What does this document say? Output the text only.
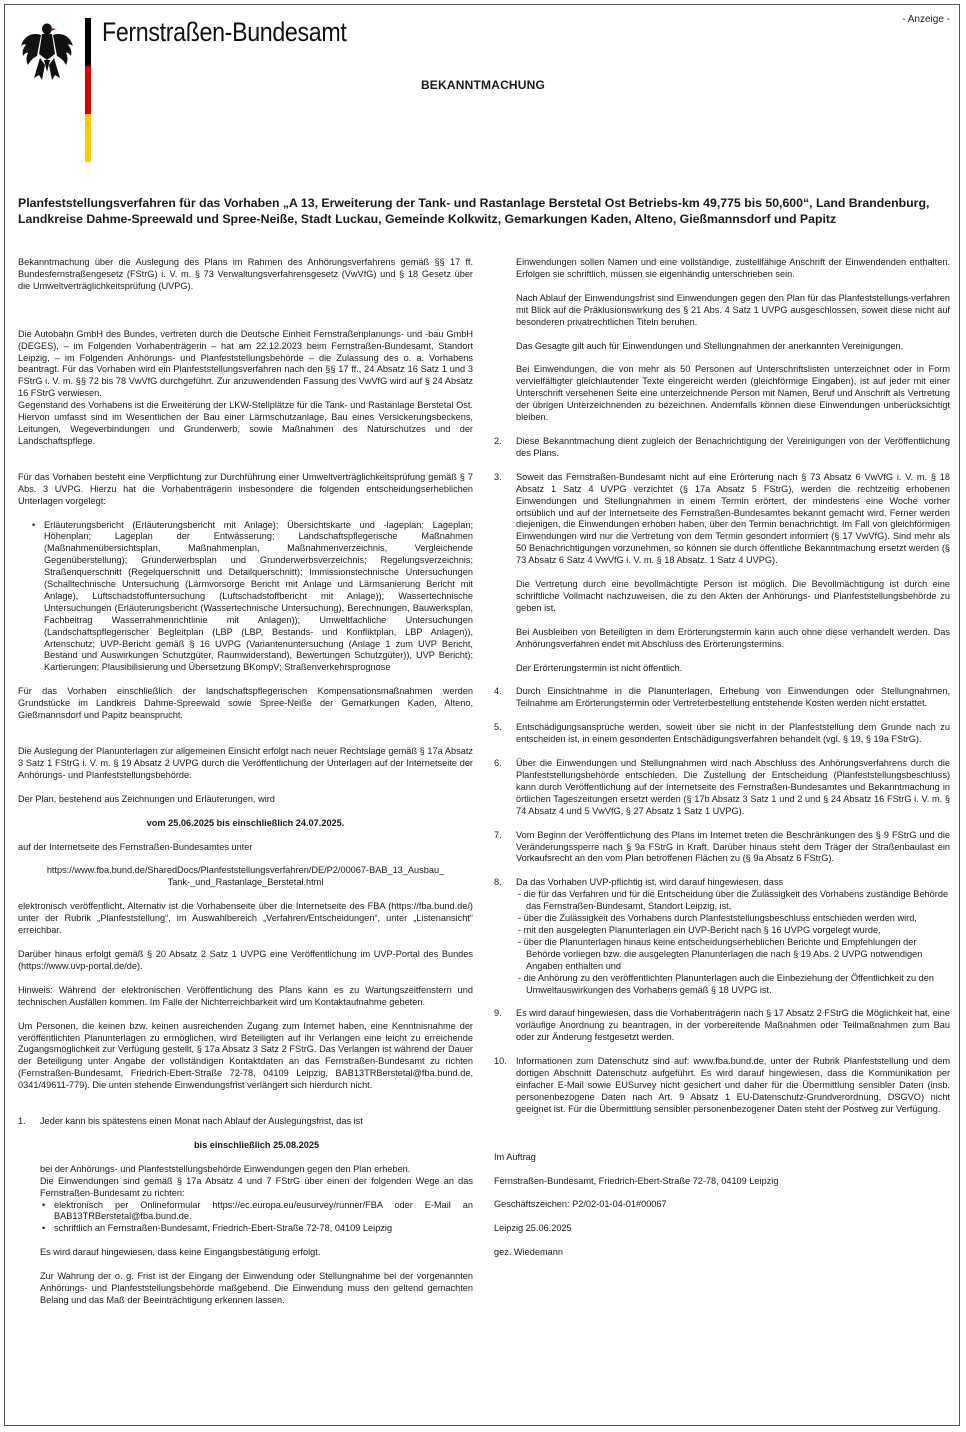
Fernstraßen-Bundesamt	- Anzeige -
BEKANNTMACHUNG
Planfeststellungsverfahren für das Vorhaben „A 13, Erweiterung der Tank- und Rastanlage Berstetal Ost Betriebs-km 49,775 bis 50,600“, Land Brandenburg, Landkreise Dahme-Spreewald und Spree-Neiße, Stadt Luckau, Gemeinde Kolkwitz, Gemarkungen Kaden, Alteno, Gießmannsdorf und Papitz

Bekanntmachung über die Auslegung des Plans im Rahmen des Anhörungsverfahrens gemäß §§ 17 ff. Bundesfernstraßengesetz (FStrG) i. V. m. § 73 Verwaltungsverfahrensgesetz (VwVfG) und § 18 Gesetz über die Umweltverträglichkeitsprüfung (UVPG).

Die Autobahn GmbH des Bundes, vertreten durch die Deutsche Einheit Fernstraßenplanungs- und -bau GmbH (DEGES), – im Folgenden Vorhabenträgerin – hat am 22.12.2023 beim Fernstraßen-Bundesamt, Standort Leipzig, – im Folgenden Anhörungs- und Planfeststellungsbehörde – die Zulassung des o. a. Vorhabens beantragt. Für das Vorhaben wird ein Planfeststellungsverfahren nach den §§ 17 ff., 24 Absatz 16 Satz 1 und 3 FStrG i. V. m. §§ 72 bis 78 VwVfG durchgeführt. Zur anzuwendenden Fassung des VwVfG wird auf § 24 Absatz 16 FStrG verwiesen.

Gegenstand des Vorhabens ist die Erweiterung der LKW-Stellplätze für die Tank- und Rastanlage Berstetal Ost. Hiervon umfasst sind im Wesentlichen der Bau einer Lärmschutzanlage, Bau eines Versickerungsbeckens, Leitungen, Wegeverbindungen und Grunderwerb, sowie Maßnahmen des Naturschutzes und der Landschaftspflege.

Für das Vorhaben besteht eine Verpflichtung zur Durchführung einer Umweltverträglichkeitsprüfung gemäß § 7 Abs. 3 UVPG. Hierzu hat die Vorhabenträgerin insbesondere die folgenden entscheidungserheblichen Unterlagen vorgelegt:

• Erläuterungsbericht (Erläuterungsbericht mit Anlage); Übersichtskarte und -lageplan; Lageplan; Höhenplan; Lageplan der Entwässerung; Landschaftspflegerische Maßnahmen (Maßnahmenübersichtsplan, Maßnahmenplan, Maßnahmenverzeichnis, Vergleichende Gegenüberstellung); Grunderwerbsplan und Grunderwerbsverzeichnis; Regelungsverzeichnis; Straßenquerschnitt (Regelquerschnitt und Detailquerschnitt); Immissionstechnische Untersuchungen (Schalltechnische Untersuchung (Lärmvorsorge Bericht mit Anlage und Lärmsanierung Bericht mit Anlage), Luftschadstoffuntersuchung (Luftschadstoffbericht mit Anlage)); Wassertechnische Untersuchungen (Erläuterungsbericht (Wassertechnische Untersuchung), Berechnungen, Bauwerksplan, Fachbeitrag Wasserrahmenrichtlinie mit Anlagen)); Umweltfachliche Untersuchungen (Landschaftspflegerischer Begleitplan (LBP (LBP, Bestands- und Konfliktplan, LBP Anlagen)), Artenschutz; UVP-Bericht gemäß § 16 UVPG (Variantenuntersuchung (Anlage 1 zum UVP Bericht, Bestand und Auswirkungen Schutzgüter, Raumwiderstand), Bewertungen Schutzgüter)), UVP Bericht); Kartierungen; Plausibilisierung und Übersetzung BKompV; Straßenverkehrsprognose

Für das Vorhaben einschließlich der landschaftspflegerischen Kompensationsmaßnahmen werden Grundstücke im Landkreis Dahme-Spreewald sowie Spree-Neiße der Gemarkungen Kaden, Alteno, Gießmannsdorf und Papitz beansprucht.

Die Auslegung der Planunterlagen zur allgemeinen Einsicht erfolgt nach neuer Rechtslage gemäß § 17a Absatz 3 Satz 1 FStrG i. V. m. § 19 Absatz 2 UVPG durch die Veröffentlichung der Unterlagen auf der Internetseite der Anhörungs- und Planfeststellungsbehörde.

Der Plan, bestehend aus Zeichnungen und Erläuterungen, wird

vom 25.06.2025 bis einschließlich 24.07.2025.

auf der Internetseite des Fernstraßen-Bundesamtes unter

https://www.fba.bund.de/SharedDocs/Planfeststellungsverfahren/DE/P2/00067-BAB_13_Ausbau_

Tank-_und_Rastanlage_Berstetal.html

elektronisch veröffentlicht. Alternativ ist die Vorhabenseite über die Internetseite des FBA (https://fba.bund.de/) unter der Rubrik „Planfeststellung“, im Auswahlbereich „Verfahren/Entscheidungen“, unter „Listenansicht“ erreichbar.

Darüber hinaus erfolgt gemäß § 20 Absatz 2 Satz 1 UVPG eine Veröffentlichung im UVP-Portal des Bundes (https://www.uvp-portal.de/de).

Hinweis: Während der elektronischen Veröffentlichung des Plans kann es zu Wartungszeitfenstern und technischen Ausfällen kommen. Im Falle der Nichterreichbarkeit wird um Kontaktaufnahme gebeten.

Um Personen, die keinen bzw. keinen ausreichenden Zugang zum Internet haben, eine Kenntnisnahme der veröffentlichten Planunterlagen zu ermöglichen, wird Beteiligten auf ihr Verlangen eine leicht zu erreichende Zugangsmöglichkeit zur Verfügung gestellt, § 17a Absatz 3 Satz 2 FStrG. Das Verlangen ist während der Dauer der Beteiligung unter Angabe der vollständigen Kontaktdaten an das Fernstraßen-Bundesamt zu richten (Fernstraßen-Bundesamt, Friedrich-Ebert-Straße 72-78, 04109 Leipzig, BAB13TRBerstetal@fba.bund.de, 0341/49611-779). Die unten stehende Einwendungsfrist verlängert sich hierdurch nicht.

1.	Jeder kann bis spätestens einen Monat nach Ablauf der Auslegungsfrist, das ist

bis einschließlich 25.08.2025

bei der Anhörungs- und Planfeststellungsbehörde Einwendungen gegen den Plan erheben.

Die Einwendungen sind gemäß § 17a Absatz 4 und 7 FStrG über einen der folgenden Wege an das Fernstraßen-Bundesamt zu richten:

• elektronisch per Onlineformular https://ec.europa.eu/eusurvey/runner/FBA oder E-Mail an BAB13TRBerstetal@fba.bund.de.
• schriftlich an Fernstraßen-Bundesamt, Friedrich-Ebert-Straße 72-78, 04109 Leipzig

Es wird darauf hingewiesen, dass keine Eingangsbestätigung erfolgt.

Zur Wahrung der o. g. Frist ist der Eingang der Einwendung oder Stellungnahme bei der vorgenannten Anhörungs- und Planfeststellungsbehörde maßgebend. Die Einwendung muss den geltend gemachten Belang und das Maß der Beeinträchtigung erkennen lassen.

Einwendungen sollen Namen und eine vollständige, zustellfähige Anschrift der Einwendenden enthalten. Erfolgen sie schriftlich, müssen sie eigenhändig unterschrieben sein.

Nach Ablauf der Einwendungsfrist sind Einwendungen gegen den Plan für das Planfeststellungs-verfahren mit Blick auf die Präklusionswirkung des § 21 Abs. 4 Satz 1 UVPG ausgeschlossen, soweit diese nicht auf besonderen privatrechtlichen Titeln beruhen.

Das Gesagte gilt auch für Einwendungen und Stellungnahmen der anerkannten Vereinigungen.

Bei Einwendungen, die von mehr als 50 Personen auf Unterschriftslisten unterzeichnet oder in Form vervielfältigter gleichlautender Texte eingereicht werden (gleichförmige Eingaben), ist auf jeder mit einer Unterschrift versehenen Seite eine unterzeichnende Person mit Namen, Beruf und Anschrift als Vertretung der übrigen Unterzeichnenden zu bezeichnen. Andernfalls können diese Einwendungen unberücksichtigt bleiben.

2.	Diese Bekanntmachung dient zugleich der Benachrichtigung der Vereinigungen von der Veröffentlichung des Plans.

3.	Soweit das Fernstraßen-Bundesamt nicht auf eine Erörterung nach § 73 Absatz 6 VwVfG i. V. m. § 18 Absatz 1 Satz 4 UVPG verzichtet (§ 17a Absatz 5 FStrG), werden die rechtzeitig erhobenen Einwendungen und Stellungnahmen in einem Termin erörtert, der mindestens eine Woche vorher ortsüblich und auf der Internetseite des Fernstraßen-Bundesamtes bekannt gemacht wird. Ferner werden diejenigen, die Einwendungen erhoben haben, über den Termin benachrichtigt. Im Fall von gleichförmigen Einwendungen wird nur die Vertretung von dem Termin gesondert informiert (§ 17 VwVfG). Sind mehr als 50 Benachrichtigungen vorzunehmen, so können sie durch öffentliche Bekanntmachung ersetzt werden (§ 73 Absatz 6 Satz 4 VwVfG i. V. m. § 18 Absatz. 1 Satz 4 UVPG).

Die Vertretung durch eine bevollmächtigte Person ist möglich. Die Bevollmächtigung ist durch eine schriftliche Vollmacht nachzuweisen, die zu den Akten der Anhörungs- und Planfeststellungsbehörde zu geben ist.

Bei Ausbleiben von Beteiligten in dem Erörterungstermin kann auch ohne diese verhandelt werden. Das Anhörungsverfahren endet mit Abschluss des Erörterungstermins.

Der Erörterungstermin ist nicht öffentlich.

4.	Durch Einsichtnahme in die Planunterlagen, Erhebung von Einwendungen oder Stellungnahmen, Teilnahme am Erörterungstermin oder Vertreterbestellung entstehende Kosten werden nicht erstattet.

5.	Entschädigungsansprüche werden, soweit über sie nicht in der Planfeststellung dem Grunde nach zu entscheiden ist, in einem gesonderten Entschädigungsverfahren behandelt (vgl. § 19, § 19a FStrG).

6.	Über die Einwendungen und Stellungnahmen wird nach Abschluss des Anhörungsverfahrens durch die Planfeststellungsbehörde entschieden. Die Zustellung der Entscheidung (Planfeststellungsbeschluss) kann durch Veröffentlichung auf der Internetseite des Fernstraßen-Bundesamtes und Bekanntmachung in örtlichen Tageszeitungen ersetzt werden (§ 17b Absatz 3 Satz 1 und 2 und § 24 Absatz 16 FStrG i. V. m. § 74 Absatz 4 und 5 VwVfG, § 27 Absatz 1 Satz 1 UVPG).

7.	Vom Beginn der Veröffentlichung des Plans im Internet treten die Beschränkungen des § 9 FStrG und die Veränderungssperre nach § 9a FStrG in Kraft. Darüber hinaus steht dem Träger der Straßenbaulast ein Vorkaufsrecht an den vom Plan betroffenen Flächen zu (§ 9a Absatz 6 FStrG).

8.	Da das Vorhaben UVP-pflichtig ist, wird darauf hingewiesen, dass

- die für das Verfahren und für die Entscheidung über die Zulässigkeit des Vorhabens zuständige Behörde das Fernstraßen-Bundesamt, Standort Leipzig, ist,

- über die Zulässigkeit des Vorhabens durch Planfeststellungsbeschluss entschieden werden wird,

- mit den ausgelegten Planunterlagen ein UVP-Bericht nach § 16 UVPG vorgelegt wurde,

- über die Planunterlagen hinaus keine entscheidungserheblichen Berichte und Empfehlungen der Behörde vorliegen bzw. die ausgelegten Planunterlagen die nach § 19 Abs. 2 UVPG notwendigen Angaben enthalten und

- die Anhörung zu den veröffentlichten Planunterlagen auch die Einbeziehung der Öffentlichkeit zu den Umweltauswirkungen des Vorhabens gemäß § 18 UVPG ist.

9.	Es wird darauf hingewiesen, dass die Vorhabenträgerin nach § 17 Absatz 2 FStrG die Möglichkeit hat, eine vorläufige Anordnung zu beantragen, in der vorbereitende Maßnahmen oder Teilmaßnahmen zum Bau oder zur Änderung festgesetzt werden.

10.	Informationen zum Datenschutz sind auf: www.fba.bund.de, unter der Rubrik Planfeststellung und dem dortigen Abschnitt Datenschutz aufgeführt. Es wird darauf hingewiesen, dass die Kommunikation per einfacher E-Mail sowie EUSurvey nicht gesichert und daher für die Übermittlung sensibler Daten (insb. personenbezogene Daten nach Art. 9 Absatz 1 EU-Datenschutz-Grundverordnung, DSGVO) nicht geeignet ist. Für die Übermittlung sensibler personenbezogener Daten steht der Postweg zur Verfügung.

Im Auftrag

Fernstraßen-Bundesamt, Friedrich-Ebert-Straße 72-78, 04109 Leipzig

Geschäftszeichen: P2/02-01-04-01#00067

Leipzig 25.06.2025

gez. Wiedemann
